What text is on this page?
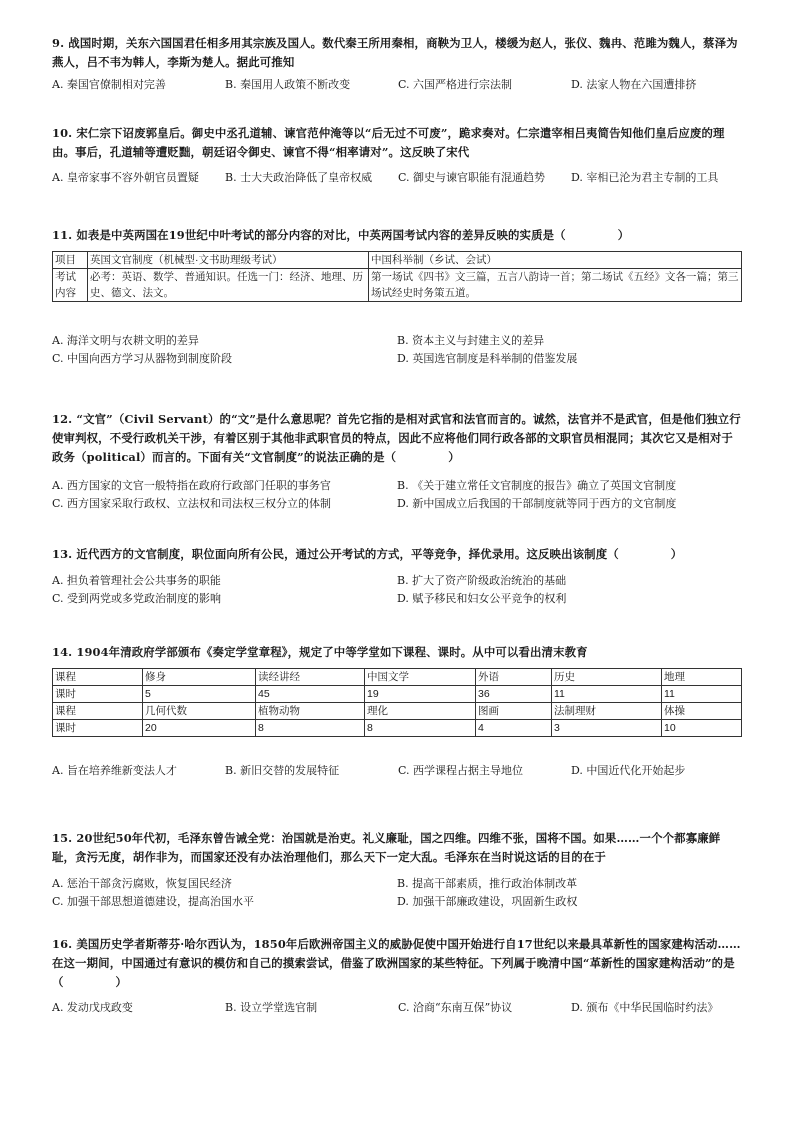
9. 战国时期，关东六国国君任相多用其宗族及国人。数代秦王所用秦相，商鞅为卫人，楼缓为赵人，张仪、魏冉、范雎为魏人，蔡泽为燕人，吕不韦为韩人，李斯为楚人。据此可推知

A. 秦国官僚制相对完善	B. 秦国用人政策不断改变	C. 六国严格进行宗法制	D. 法家人物在六国遭排挤

10. 宋仁宗下诏废郭皇后。御史中丞孔道辅、谏官范仲淹等以“后无过不可废”，跪求奏对。仁宗遣宰相吕夷简告知他们皇后应废的理由。事后，孔道辅等遭贬黜，朝廷诏令御史、谏官不得“相率请对”。这反映了宋代

A. 皇帝家事不容外朝官员置疑	B. 士大夫政治降低了皇帝权威	C. 御史与谏官职能有混通趋势	D. 宰相已沦为君主专制的工具

11. 如表是中英两国在19世纪中叶考试的部分内容的对比，中英两国考试内容的差异反映的实质是（	）

项目	英国文官制度（机械型·文书助理级考试）	中国科举制（乡试、会试）
考试内容	必考：英语、数学、普通知识。任选一门：经济、地理、历史、德文、法文。	第一场试《四书》文三篇，五言八韵诗一首；第二场试《五经》文各一篇；第三场试经史时务策五道。
A. 海洋文明与农耕文明的差异	B. 资本主义与封建主义的差异
C. 中国向西方学习从器物到制度阶段	D. 英国选官制度是科举制的借鉴发展

12. “文官”（Civil Servant）的“文”是什么意思呢？首先它指的是相对武官和法官而言的。诚然，法官并不是武官，但是他们独立行使审判权，不受行政机关干涉，有着区别于其他非武职官员的特点，因此不应将他们同行政各部的文职官员相混同；其次它又是相对于政务（political）而言的。下面有关“文官制度”的说法正确的是（	）

A. 西方国家的文官一般特指在政府行政部门任职的事务官	B. 《关于建立常任文官制度的报告》确立了英国文官制度
C. 西方国家采取行政权、立法权和司法权三权分立的体制	D. 新中国成立后我国的干部制度就等同于西方的文官制度

13. 近代西方的文官制度，职位面向所有公民，通过公开考试的方式，平等竞争，择优录用。这反映出该制度（	）

A. 担负着管理社会公共事务的职能	B. 扩大了资产阶级政治统治的基础
C. 受到两党或多党政治制度的影响	D. 赋予移民和妇女公平竞争的权利

14. 1904年清政府学部颁布《奏定学堂章程》，规定了中等学堂如下课程、课时。从中可以看出清末教育

课程	修身	读经讲经	中国文学	外语	历史	地理
课时	5	45	19	36	11	11
课程	几何代数	植物动物	理化	图画	法制理财	体操
课时	20	8	8	4	3	10
A. 旨在培养维新变法人才	B. 新旧交替的发展特征	C. 西学课程占据主导地位	D. 中国近代化开始起步

15. 20世纪50年代初，毛泽东曾告诫全党：治国就是治吏。礼义廉耻，国之四维。四维不张，国将不国。如果……一个个都寡廉鲜耻，贪污无度，胡作非为，而国家还没有办法治理他们，那么天下一定大乱。毛泽东在当时说这话的目的在于

A. 惩治干部贪污腐败，恢复国民经济	B. 提高干部素质，推行政治体制改革
C. 加强干部思想道德建设，提高治国水平	D. 加强干部廉政建设，巩固新生政权

16. 美国历史学者斯蒂芬·哈尔西认为，1850年后欧洲帝国主义的威胁促使中国开始进行自17世纪以来最具革新性的国家建构活动……在这一期间，中国通过有意识的模仿和自己的摸索尝试，借鉴了欧洲国家的某些特征。下列属于晚清中国“革新性的国家建构活动”的是（	）

A. 发动戊戌政变	B. 设立学堂选官制	C. 洽商“东南互保”协议	D. 颁布《中华民国临时约法》
